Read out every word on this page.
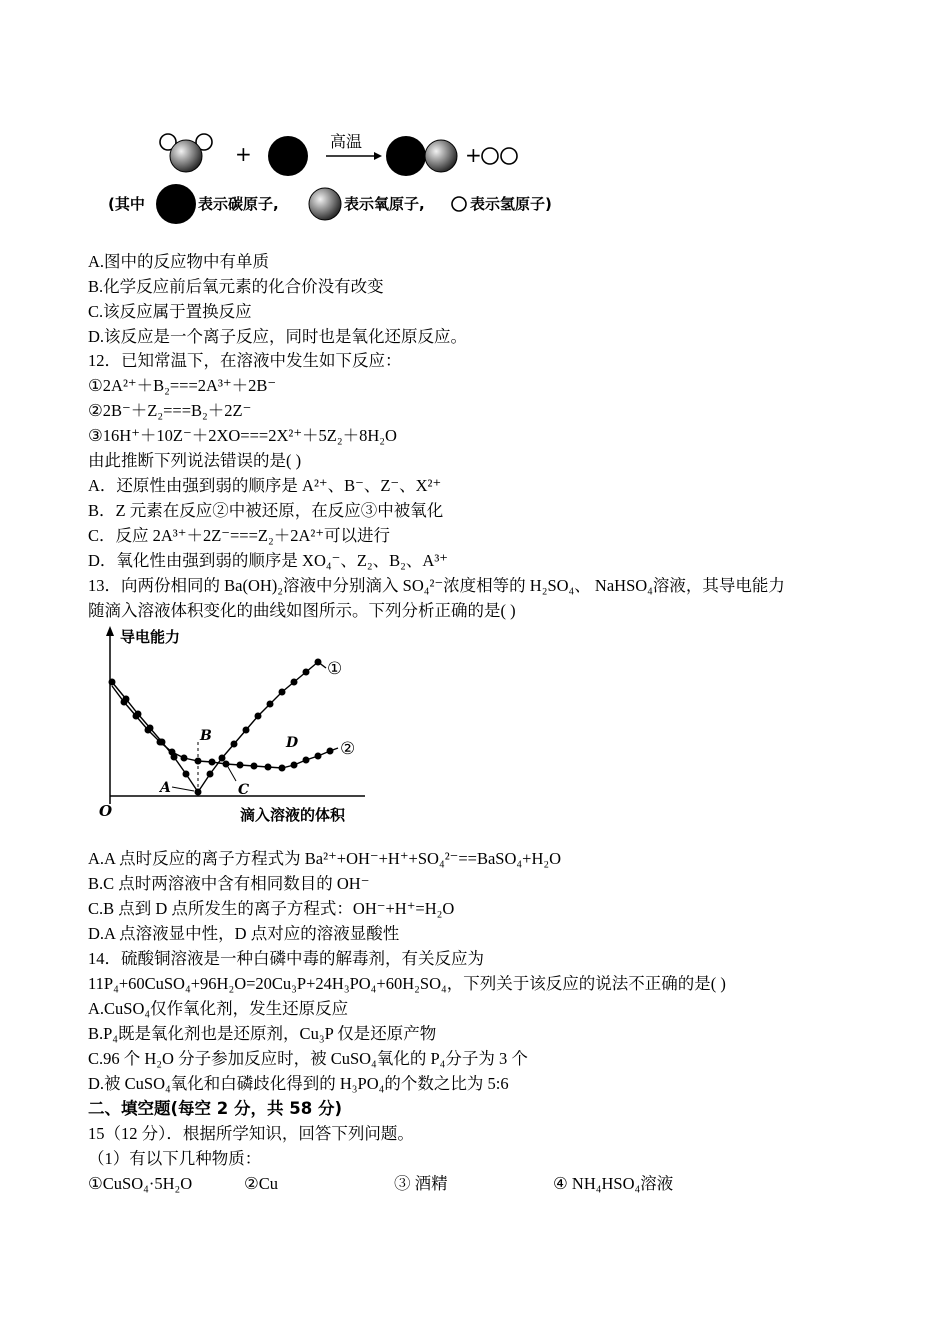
+
高温
+
(其中	表示碳原子,	表示氧原子,	表示氢原子)
A.图中的反应物中有单质
B.化学反应前后氧元素的化合价没有改变
C.该反应属于置换反应
D.该反应是一个离子反应，同时也是氧化还原反应。
12．已知常温下，在溶液中发生如下反应：
①2A²⁺＋B₂===2A³⁺＋2B⁻
②2B⁻＋Z₂===B₂＋2Z⁻
③16H⁺＋10Z⁻＋2XO===2X²⁺＋5Z₂＋8H₂O
由此推断下列说法错误的是( )
A．还原性由强到弱的顺序是 A²⁺、B⁻、Z⁻、X²⁺
B．Z 元素在反应②中被还原，在反应③中被氧化
C．反应 2A³⁺＋2Z⁻===Z₂＋2A²⁺可以进行
D．氧化性由强到弱的顺序是 XO₄⁻、Z₂、B₂、A³⁺
13．向两份相同的 Ba(OH)₂溶液中分别滴入 SO₄²⁻浓度相等的 H₂SO₄、 NaHSO₄溶液，其导电能力
随滴入溶液体积变化的曲线如图所示。下列分析正确的是( )
导电能力
滴入溶液的体积
O
①
②
A
B
C
D
A.A 点时反应的离子方程式为 Ba²⁺+OH⁻+H⁺+SO₄²⁻==BaSO₄+H₂O
B.C 点时两溶液中含有相同数目的 OH⁻
C.B 点到 D 点所发生的离子方程式：OH⁻+H⁺=H₂O
D.A 点溶液显中性，D 点对应的溶液显酸性
14．硫酸铜溶液是一种白磷中毒的解毒剂，有关反应为
11P₄+60CuSO₄+96H₂O=20Cu₃P+24H₃PO₄+60H₂SO₄，下列关于该反应的说法不正确的是( )
A.CuSO₄仅作氧化剂，发生还原反应
B.P₄既是氧化剂也是还原剂，Cu₃P 仅是还原产物
C.96 个 H₂O 分子参加反应时，被 CuSO₄氧化的 P₄分子为 3 个
D.被 CuSO₄氧化和白磷歧化得到的 H₃PO₄的个数之比为 5:6
二、填空题(每空 2 分，共 58 分)
15（12 分）．根据所学知识，回答下列问题。
（1）有以下几种物质：
①CuSO₄·5H₂O	②Cu	③ 酒精	④ NH₄HSO₄溶液
